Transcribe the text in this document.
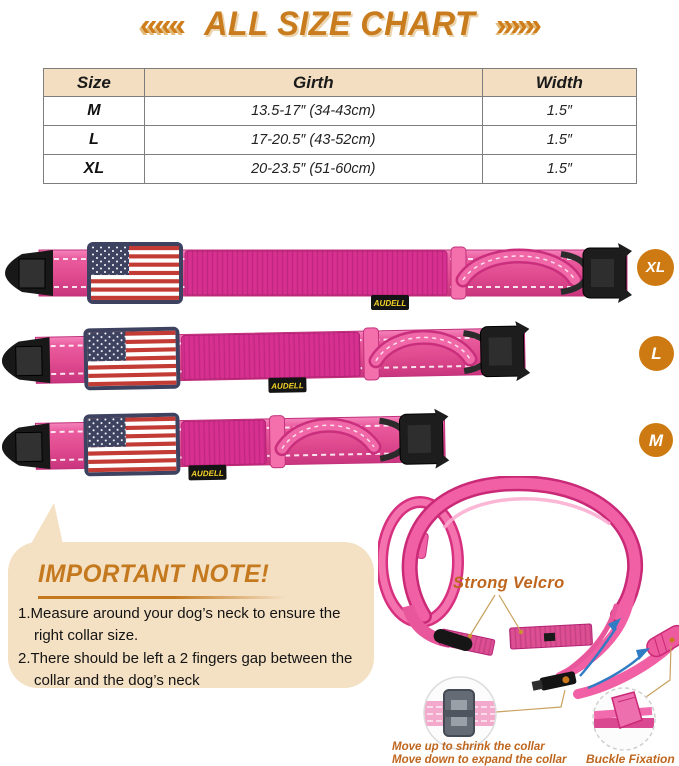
««« ALL SIZE CHART »»»
Size	Girth	Width
M	13.5-17″ (34-43cm)	1.5″
L	17-20.5″ (43-52cm)	1.5″
XL	20-23.5″ (51-60cm)	1.5″
AUDELL
XL
AUDELL
L
AUDELL
M
IMPORTANT NOTE!

1.Measure around your dog’s neck to ensure the right collar size.

2.There should be left a 2 fingers gap between the collar and the dog’s neck

Strong Velcro
Move up to shrink the collar
Move down to expand the collar Buckle Fixation
